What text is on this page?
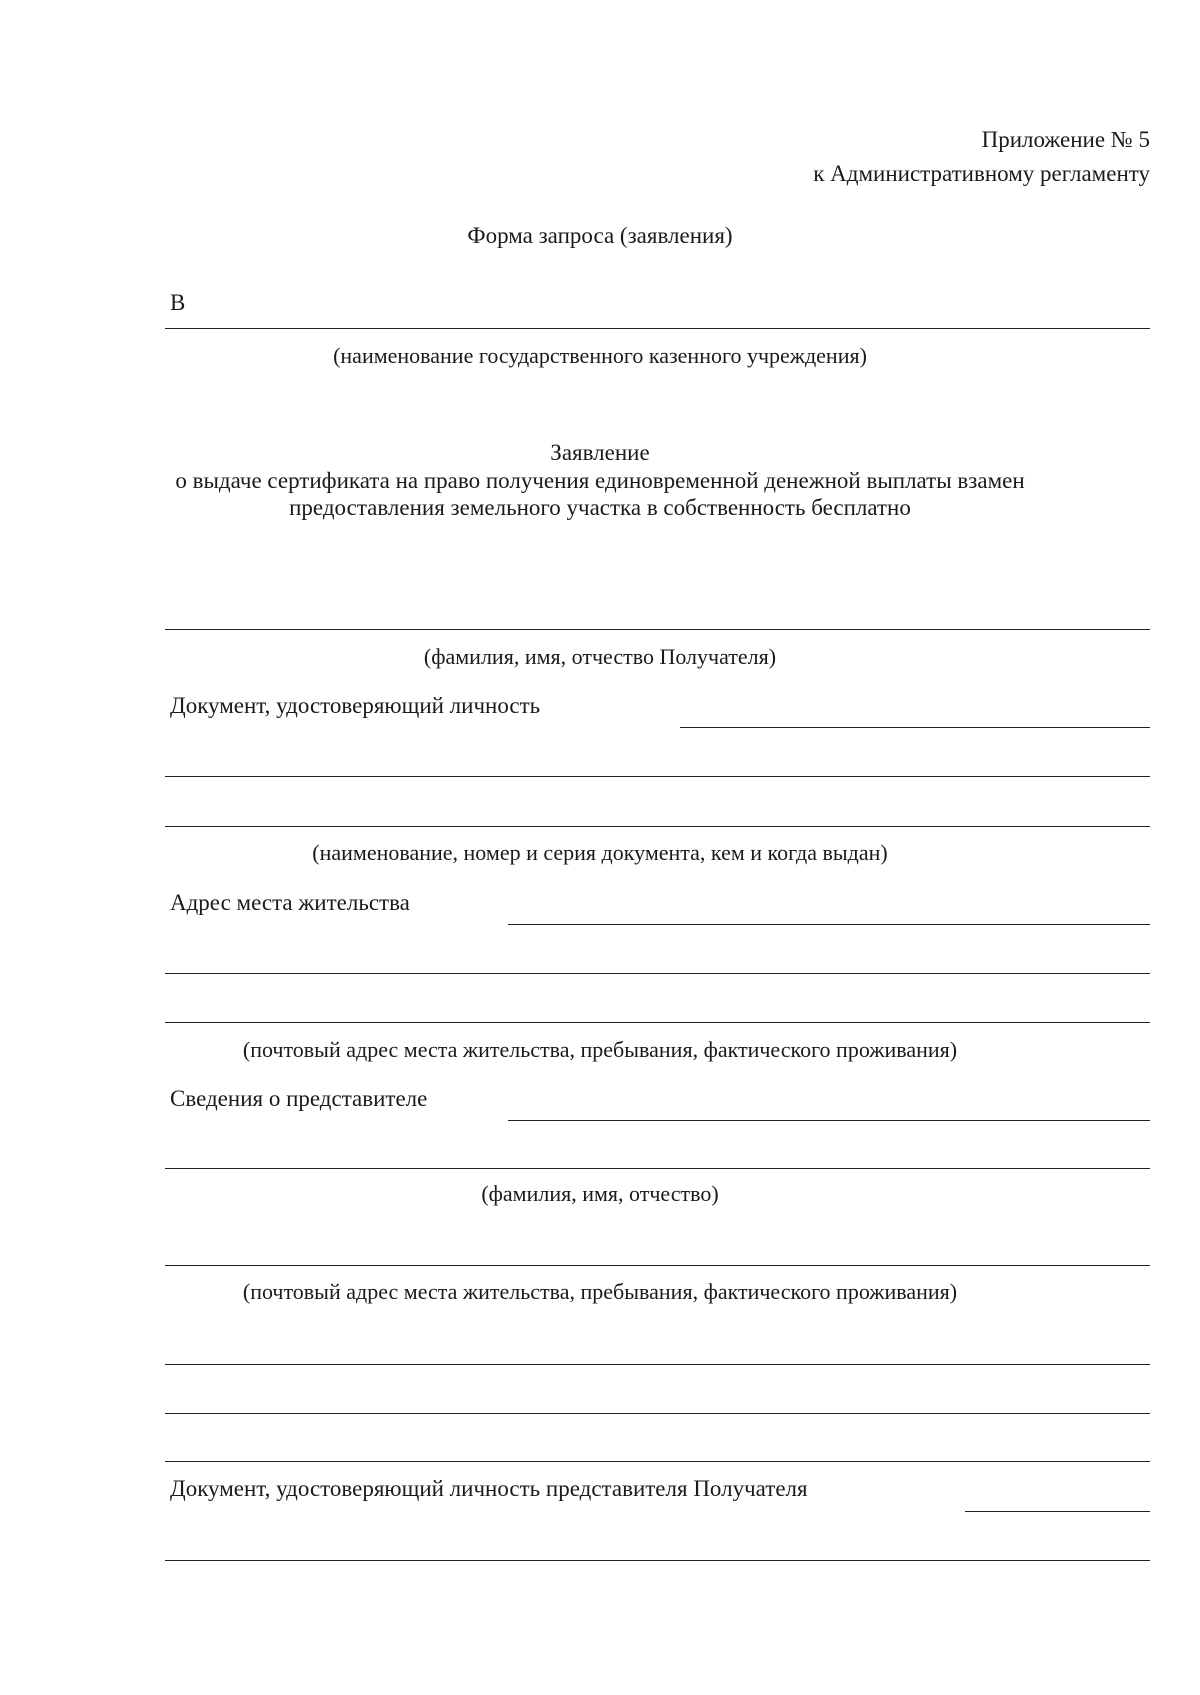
Приложение № 5
к Административному регламенту
Форма запроса (заявления)
В
(наименование государственного казенного учреждения)
Заявление
о выдаче сертификата на право получения единовременной денежной выплаты взамен
предоставления земельного участка в собственность бесплатно
(фамилия, имя, отчество Получателя)
Документ, удостоверяющий личность
(наименование, номер и серия документа, кем и когда выдан)
Адрес места жительства
(почтовый адрес места жительства, пребывания, фактического проживания)
Сведения о представителе
(фамилия, имя, отчество)
(почтовый адрес места жительства, пребывания, фактического проживания)
Документ, удостоверяющий личность представителя Получателя
